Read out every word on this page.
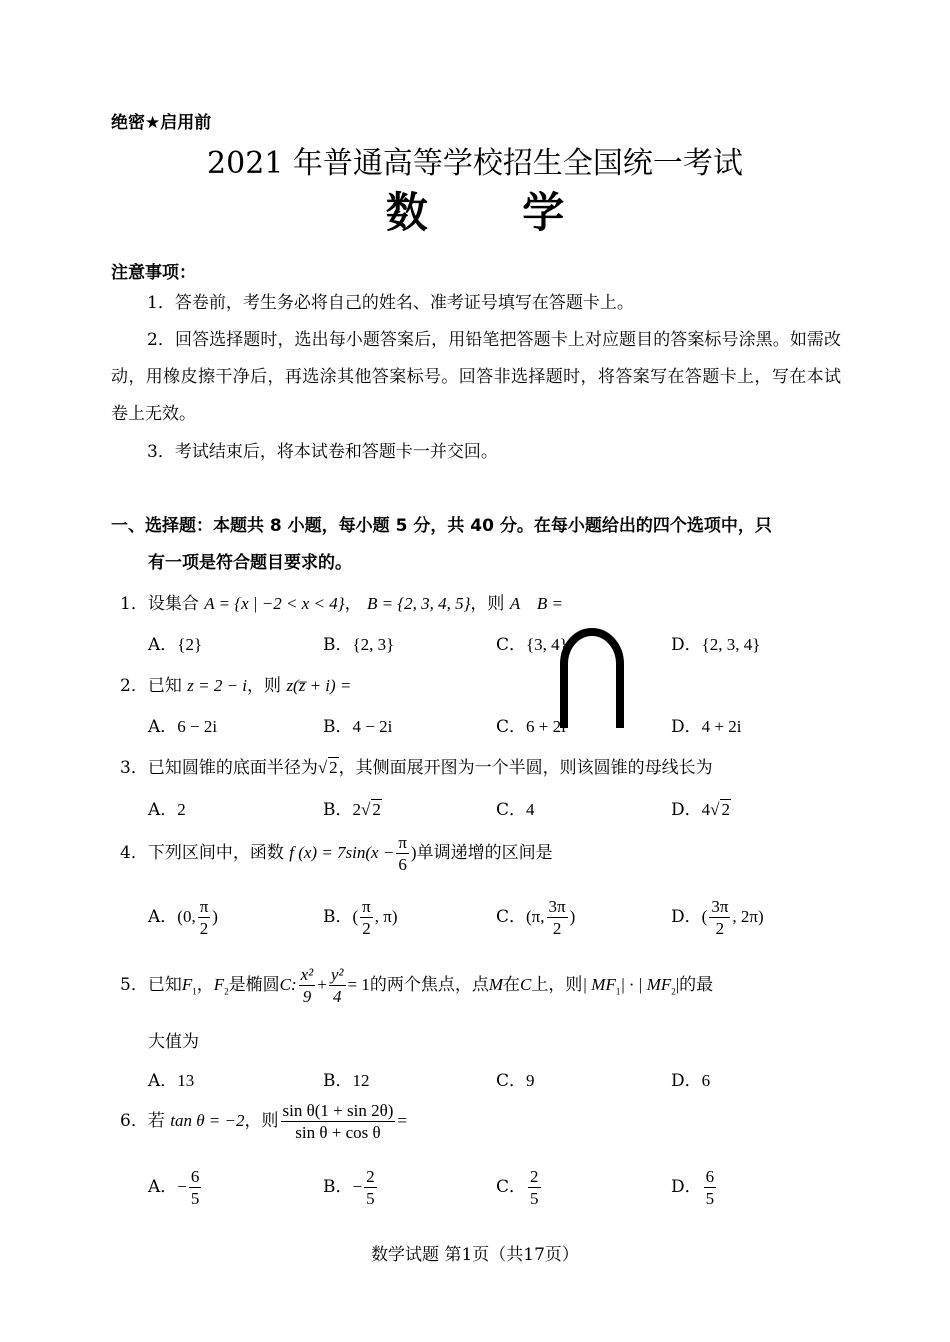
绝密★启用前
2021 年普通高等学校招生全国统一考试
数 学
注意事项：
1．答卷前，考生务必将自己的姓名、准考证号填写在答题卡上。
2．回答选择题时，选出每小题答案后，用铅笔把答题卡上对应题目的答案标号涂黑。如需改动，用橡皮擦干净后，再选涂其他答案标号。回答非选择题时，将答案写在答题卡上，写在本试卷上无效。
3．考试结束后，将本试卷和答题卡一并交回。
一、选择题：本题共 8 小题，每小题 5 分，共 40 分。在每小题给出的四个选项中，只
有一项是符合题目要求的。
1．设集合 A = {x | −2 < x < 4}， B = {2, 3, 4, 5}，则 A    B =
A．{2}	B．{2, 3}	C．{3, 4}	D．{2, 3, 4}
2．已知 z = 2 − i，则 z(z̅ + i) =
A．6 − 2i	B．4 − 2i	C．6 + 2i	D．4 + 2i
3．已知圆锥的底面半径为√ 2，其侧面展开图为一个半圆，则该圆锥的母线长为
A．2	B．2√ 2	C．4	D．4√ 2
4．下列区间中，函数 f $(x) = 7\sin(x - \frac{\pi}{6}$ )单调递增的区间是
A．(0, $\frac{\pi}{2}$ )	B．( $\frac{\pi}{2}$ , π)	C．(π, $\frac{3\pi}{2}$ )	D．( $\frac{3\pi}{2}$ , 2π)
5．已知$F_1$，$F_2$是椭圆C: $\frac{\text{x²}}{9} + \frac{\text{y²}}{4} = 1$的两个焦点，点M在C上，则| $MF_1|$ · | $MF_2|$的最
大值为
A．13	B．12	C．9	D．6
6．若 tan θ = −2，则 $\frac{\text{sin θ(1 + sin 2θ)}}{\text{sin θ + cos θ}}$ =
A．− $\frac{6}{5}$	B．− $\frac{2}{5}$	C． $\frac{2}{5}$	D． $\frac{6}{5}$
数学试题 第1页（共17页）
